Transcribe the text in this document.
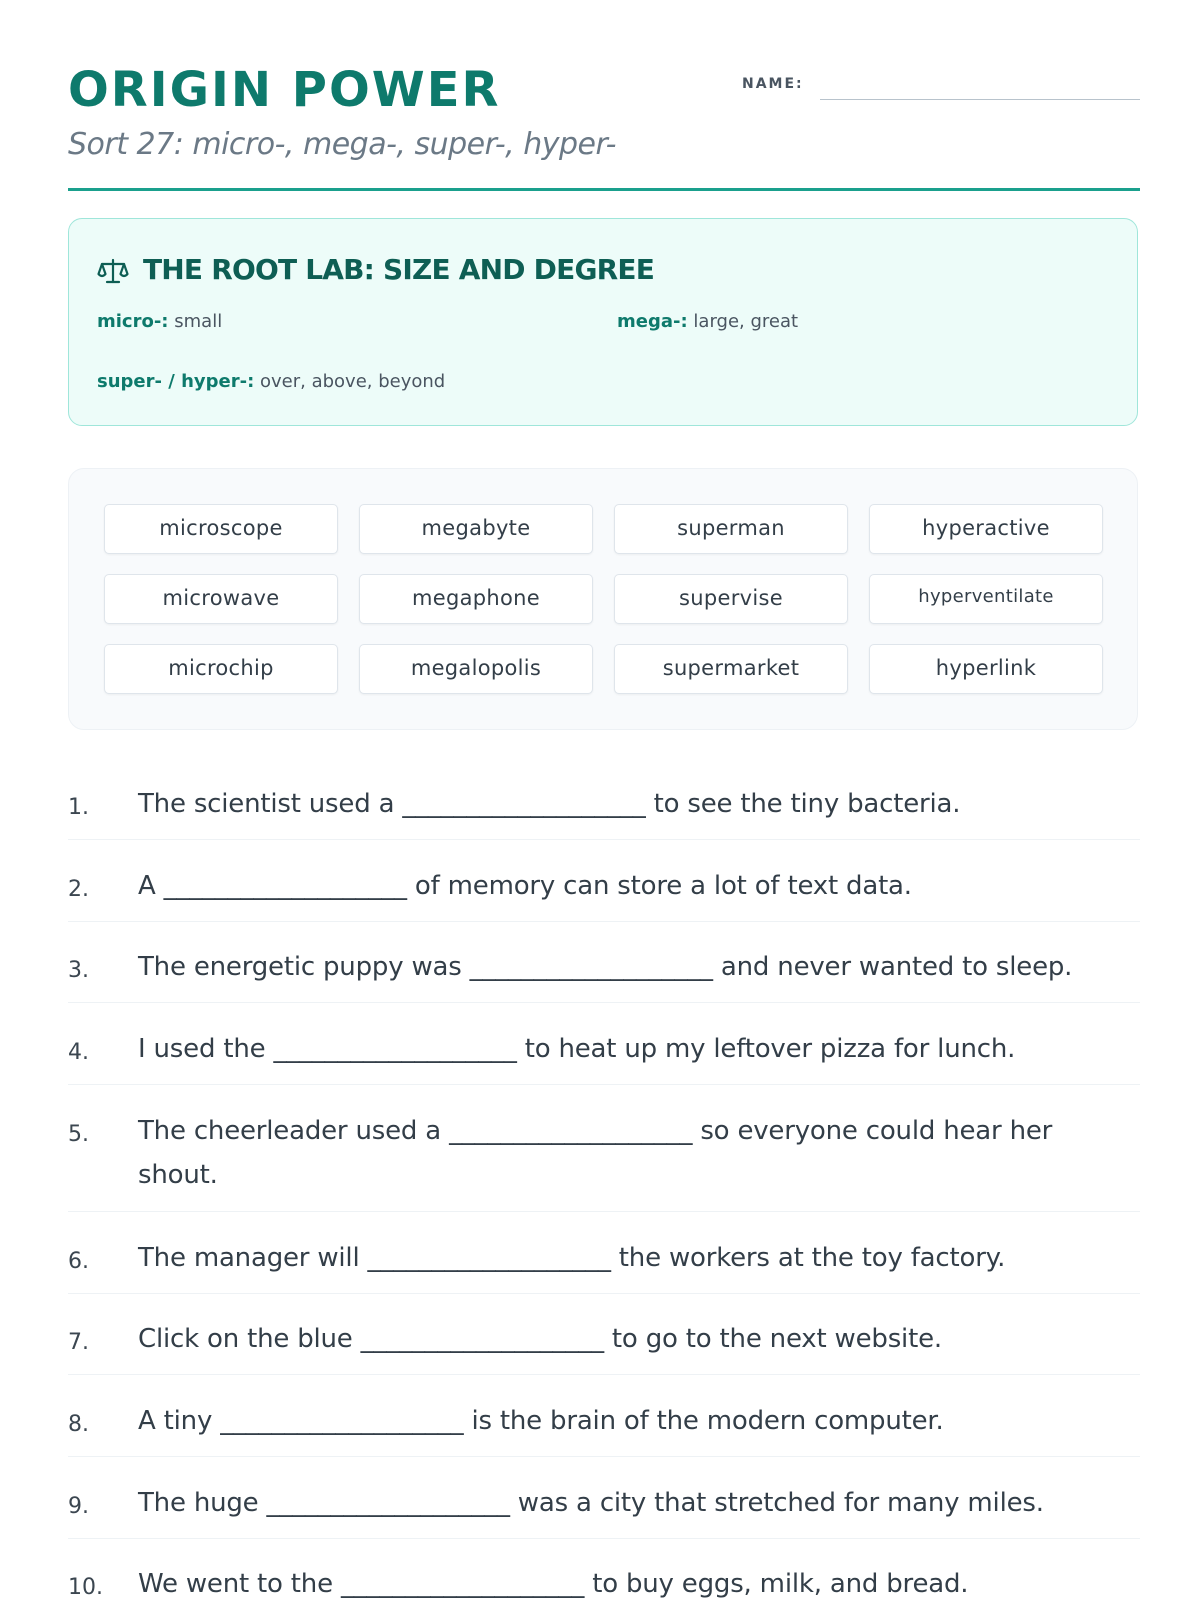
ORIGIN POWER
Sort 27: micro-, mega-, super-, hyper-
NAME:
THE ROOT LAB: SIZE AND DEGREE
micro-: small	mega-: large, great
super- / hyper-: over, above, beyond
microscope	megabyte	superman	hyperactive
microwave	megaphone	supervise	hyperventilate
microchip	megalopolis	supermarket	hyperlink
1. The scientist used a ___________________ to see the tiny bacteria.
2. A ___________________ of memory can store a lot of text data.
3. The energetic puppy was ___________________ and never wanted to sleep.
4. I used the ___________________ to heat up my leftover pizza for lunch.
5. The cheerleader used a ___________________ so everyone could hear her shout.
6. The manager will ___________________ the workers at the toy factory.
7. Click on the blue ___________________ to go to the next website.
8. A tiny ___________________ is the brain of the modern computer.
9. The huge ___________________ was a city that stretched for many miles.
10. We went to the ___________________ to buy eggs, milk, and bread.
